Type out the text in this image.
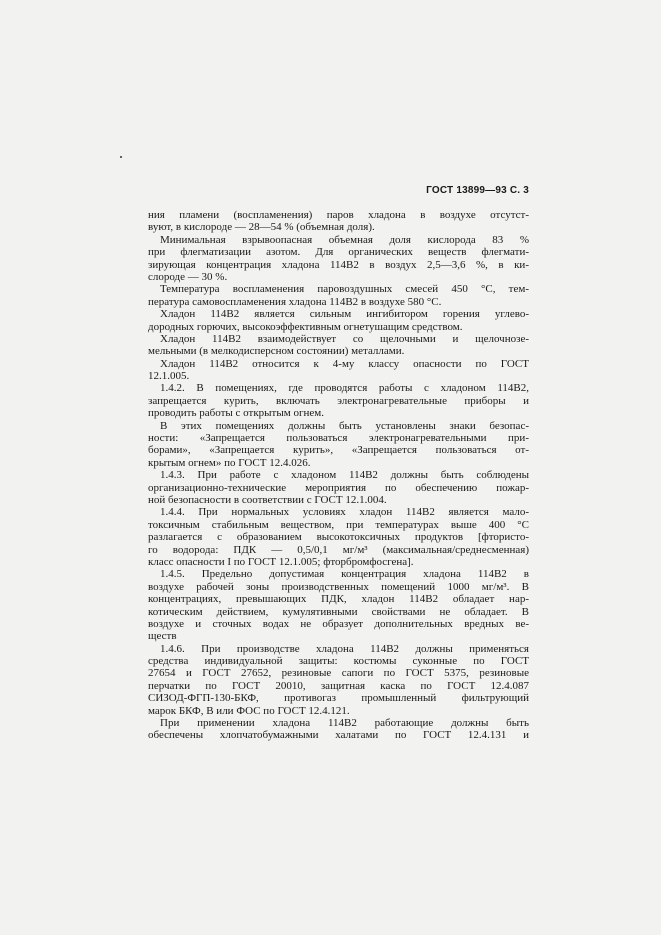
ГОСТ 13899—93 С. 3
ния пламени (воспламенения) паров хладона в воздухе отсутст-
вуют, в кислороде — 28—54 % (объемная доля).
Минимальная взрывоопасная объемная доля кислорода 83 %
при флегматизации азотом. Для органических веществ флегмати-
зирующая концентрация хладона 114В2 в воздух 2,5—3,6 %, в ки-
слороде — 30 %.
Температура воспламенения паровоздушных смесей 450 °С, тем-
пература самовоспламенения хладона 114В2 в воздухе 580 °С.
Хладон 114В2 является сильным ингибитором горения углево-
дородных горючих, высокоэффективным огнетушащим средством.
Хладон 114В2 взаимодействует со щелочными и щелочнозе-
мельными (в мелкодисперсном состоянии) металлами.
Хладон 114В2 относится к 4-му классу опасности по ГОСТ
12.1.005.
1.4.2. В помещениях, где проводятся работы с хладоном 114В2,
запрещается курить, включать электронагревательные приборы и
проводить работы с открытым огнем.
В этих помещениях должны быть установлены знаки безопас-
ности: «Запрещается пользоваться электронагревательными при-
борами», «Запрещается курить», «Запрещается пользоваться от-
крытым огнем» по ГОСТ 12.4.026.
1.4.3. При работе с хладоном 114В2 должны быть соблюдены
организационно-технические мероприятия по обеспечению пожар-
ной безопасности в соответствии с ГОСТ 12.1.004.
1.4.4. При нормальных условиях хладон 114В2 является мало-
токсичным стабильным веществом, при температурах выше 400 °С
разлагается с образованием высокотоксичных продуктов [фтористо-
го водорода: ПДК — 0,5/0,1 мг/м³ (максимальная/среднесменная)
класс опасности I по ГОСТ 12.1.005; фторбромфосгена].
1.4.5. Предельно допустимая концентрация хладона 114В2 в
воздухе рабочей зоны производственных помещений 1000 мг/м³. В
концентрациях, превышающих ПДК, хладон 114В2 обладает нар-
котическим действием, кумулятивными свойствами не обладает. В
воздухе и сточных водах не образует дополнительных вредных ве-
ществ
1.4.6. При производстве хладона 114В2 должны применяться
средства индивидуальной защиты: костюмы суконные по ГОСТ
27654 и ГОСТ 27652, резиновые сапоги по ГОСТ 5375, резиновые
перчатки по ГОСТ 20010, защитная каска по ГОСТ 12.4.087
СИЗОД-ФГП-130-БКФ, противогаз промышленный фильтрующий
марок БКФ, В или ФОС по ГОСТ 12.4.121.
При применении хладона 114В2 работающие должны быть
обеспечены хлопчатобумажными халатами по ГОСТ 12.4.131 и
